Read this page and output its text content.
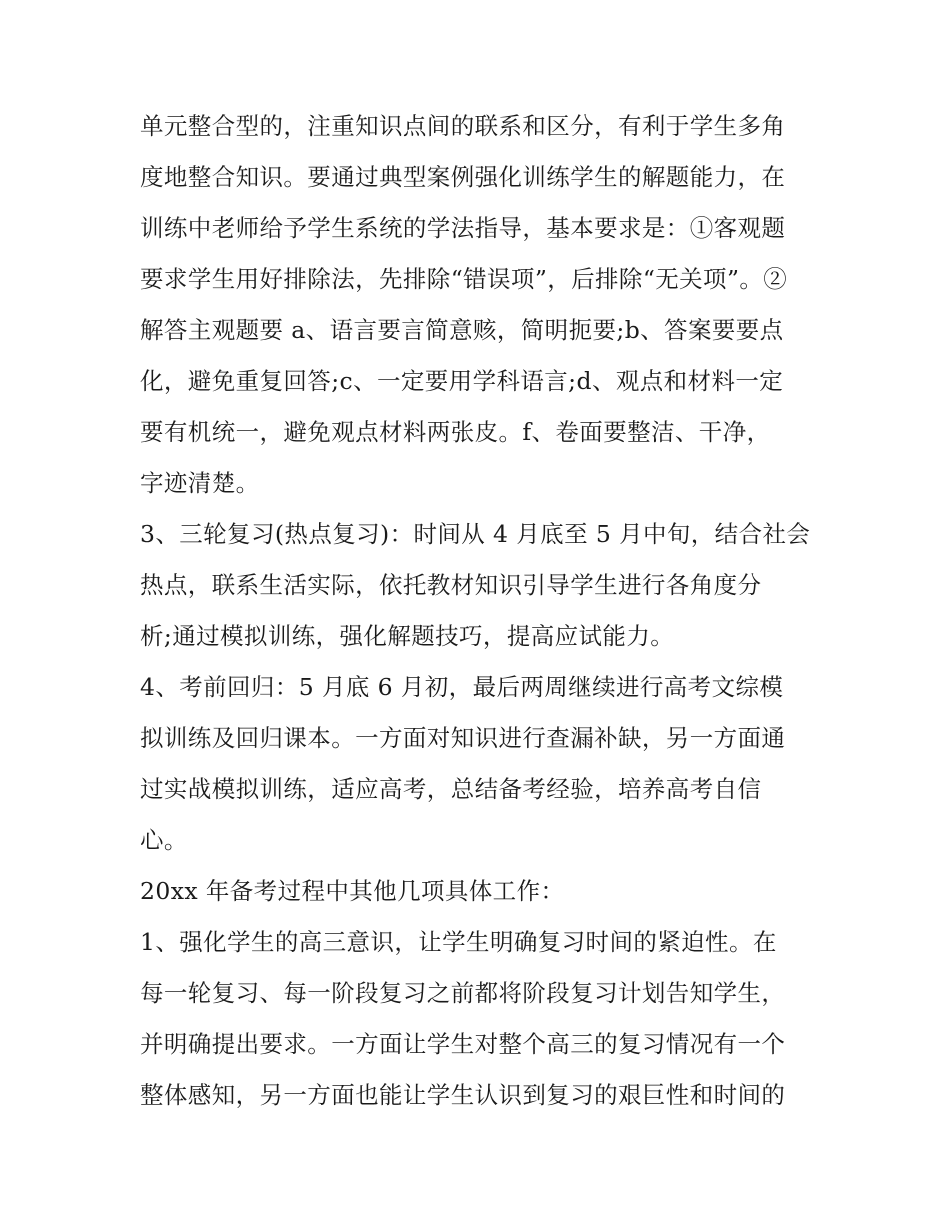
单元整合型的，注重知识点间的联系和区分，有利于学生多角
度地整合知识。要通过典型案例强化训练学生的解题能力，在
训练中老师给予学生系统的学法指导，基本要求是：①客观题
要求学生用好排除法，先排除“错误项”，后排除“无关项”。②
解答主观题要 a、语言要言简意赅，简明扼要;b、答案要要点
化，避免重复回答;c、一定要用学科语言;d、观点和材料一定
要有机统一，避免观点材料两张皮。f、卷面要整洁、干净，
字迹清楚。
3、三轮复习(热点复习)：时间从 4 月底至 5 月中旬，结合社会
热点，联系生活实际，依托教材知识引导学生进行各角度分
析;通过模拟训练，强化解题技巧，提高应试能力。
4、考前回归：5 月底 6 月初，最后两周继续进行高考文综模
拟训练及回归课本。一方面对知识进行查漏补缺，另一方面通
过实战模拟训练，适应高考，总结备考经验，培养高考自信
心。
20xx 年备考过程中其他几项具体工作：
1、强化学生的高三意识，让学生明确复习时间的紧迫性。在
每一轮复习、每一阶段复习之前都将阶段复习计划告知学生，
并明确提出要求。一方面让学生对整个高三的复习情况有一个
整体感知，另一方面也能让学生认识到复习的艰巨性和时间的
